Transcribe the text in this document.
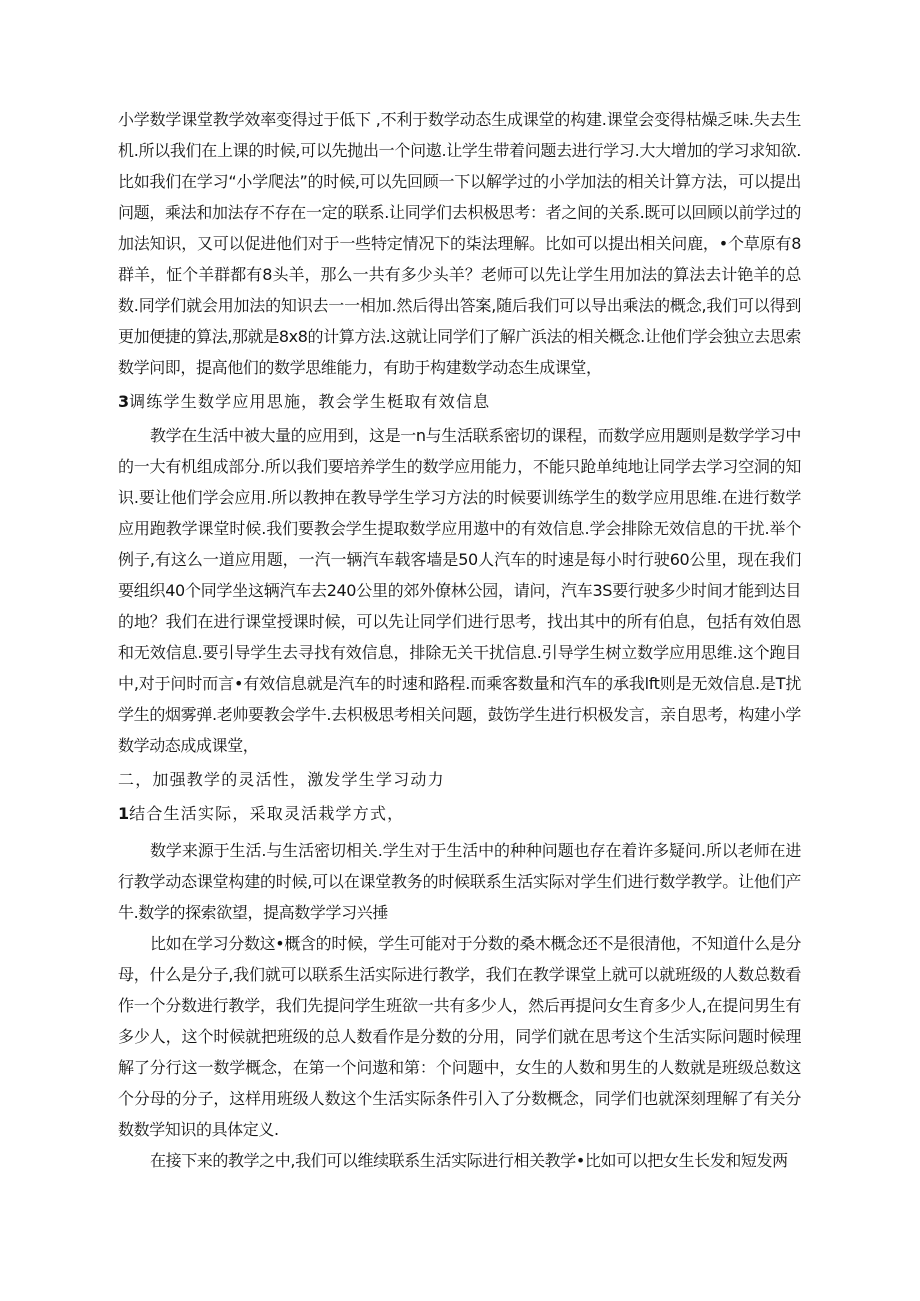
小学数学课堂教学效率变得过于低下 ,不利于数学动态生成课堂的构建.课堂会变得枯燥乏味.失去生机.所以我们在上课的时候,可以先抛出一个问遨.让学生带着问题去进行学习.大大增加的学习求知欲.比如我们在学习“小学爬法”的时候,可以先回顾一下以解学过的小学加法的相关计算方法，可以提出问题，乘法和加法存不存在一定的联系.让同学们去枳极思考：者之间的关系.既可以回顾以前学过的加法知识，又可以促进他们对于一些特定情况下的柒法理解。比如可以提出相关问鹿，•个草原有8群羊，怔个羊群都有8头羊，那么一共有多少头羊？老师可以先让学生用加法的算法去计铯羊的总数.同学们就会用加法的知识去一一相加.然后得出答案,随后我们可以导出乘法的概念,我们可以得到更加便捷的算法,那就是8x8的计算方法.这就让同学们了解广浜法的相关概念.让他们学会独立去思索数学问即，提高他们的数学思维能力，有助于构建数学动态生成课堂，

3调练学生数学应用思施，教会学生梃取有效信息

教学在生活中被大量的应用到，这是一n与生活联系密切的课程，而数学应用题则是数学学习中的一大有机组成部分.所以我们要培养学生的数学应用能力，不能只跄单纯地让同学去学习空洞的知识.要让他们学会应用.所以教抻在教导学生学习方法的时候要训练学生的数学应用思维.在进行数学应用跑教学课堂时候.我们要教会学生提取数学应用遨中的有效信息.学会排除无效信息的干扰.举个例子,有这么一道应用题，一汽一辆汽车载客墙是50人汽车的时速是每小时行驶60公里，现在我们要组织40个同学坐这辆汽车去240公里的郊外僚林公园，请问，汽车3S要行驶多少时间才能到达目的地？我们在进行课堂授课时候，可以先让同学们进行思考，找出其中的所有伯息，包括有效伯恩和无效信息.要引导学生去寻找有效信息，排除无关干扰信息.引导学生树立数学应用思维.这个跑目中,对于问时而言•有效信息就是汽车的时速和路程.而乘客数量和汽车的承我lft则是无效信息.是T扰学生的烟雾弹.老帅要教会学牛.去枳极思考相关问题，鼓饬学生进行枳极发言，亲自思考，构建小学数学动态成成课堂，

二，加强教学的灵活性，激发学生学习动力
1结合生活实际，采取灵活栽学方式，

数学来源于生活.与生活密切相关.学生对于生活中的种种问题也存在着许多疑问.所以老师在进行教学动态课堂构建的时候,可以在课堂教务的时候联系生活实际对学生们进行数学教学。让他们产牛.数学的探索欲望，提高数学学习兴捶

比如在学习分数这•概含的时候，学生可能对于分数的桑木概念还不是很清他，不知道什么是分母，什么是分子,我们就可以联系生活实际进行教学，我们在教学课堂上就可以就班级的人数总数看作一个分数进行教学，我们先提问学生班欲一共有多少人，然后再提问女生育多少人,在提问男生有多少人，这个时候就把班级的总人数看作是分数的分用，同学们就在思考这个生活实际问题时候理解了分行这一数学概念，在第一个问遨和第：个问题中，女生的人数和男生的人数就是班级总数这个分母的分子，这样用班级人数这个生活实际条件引入了分数概念，同学们也就深刻理解了有关分数数学知识的具体定义.

在接下来的教学之中,我们可以维续联系生活实际进行相关教学•比如可以把女生长发和短发两
